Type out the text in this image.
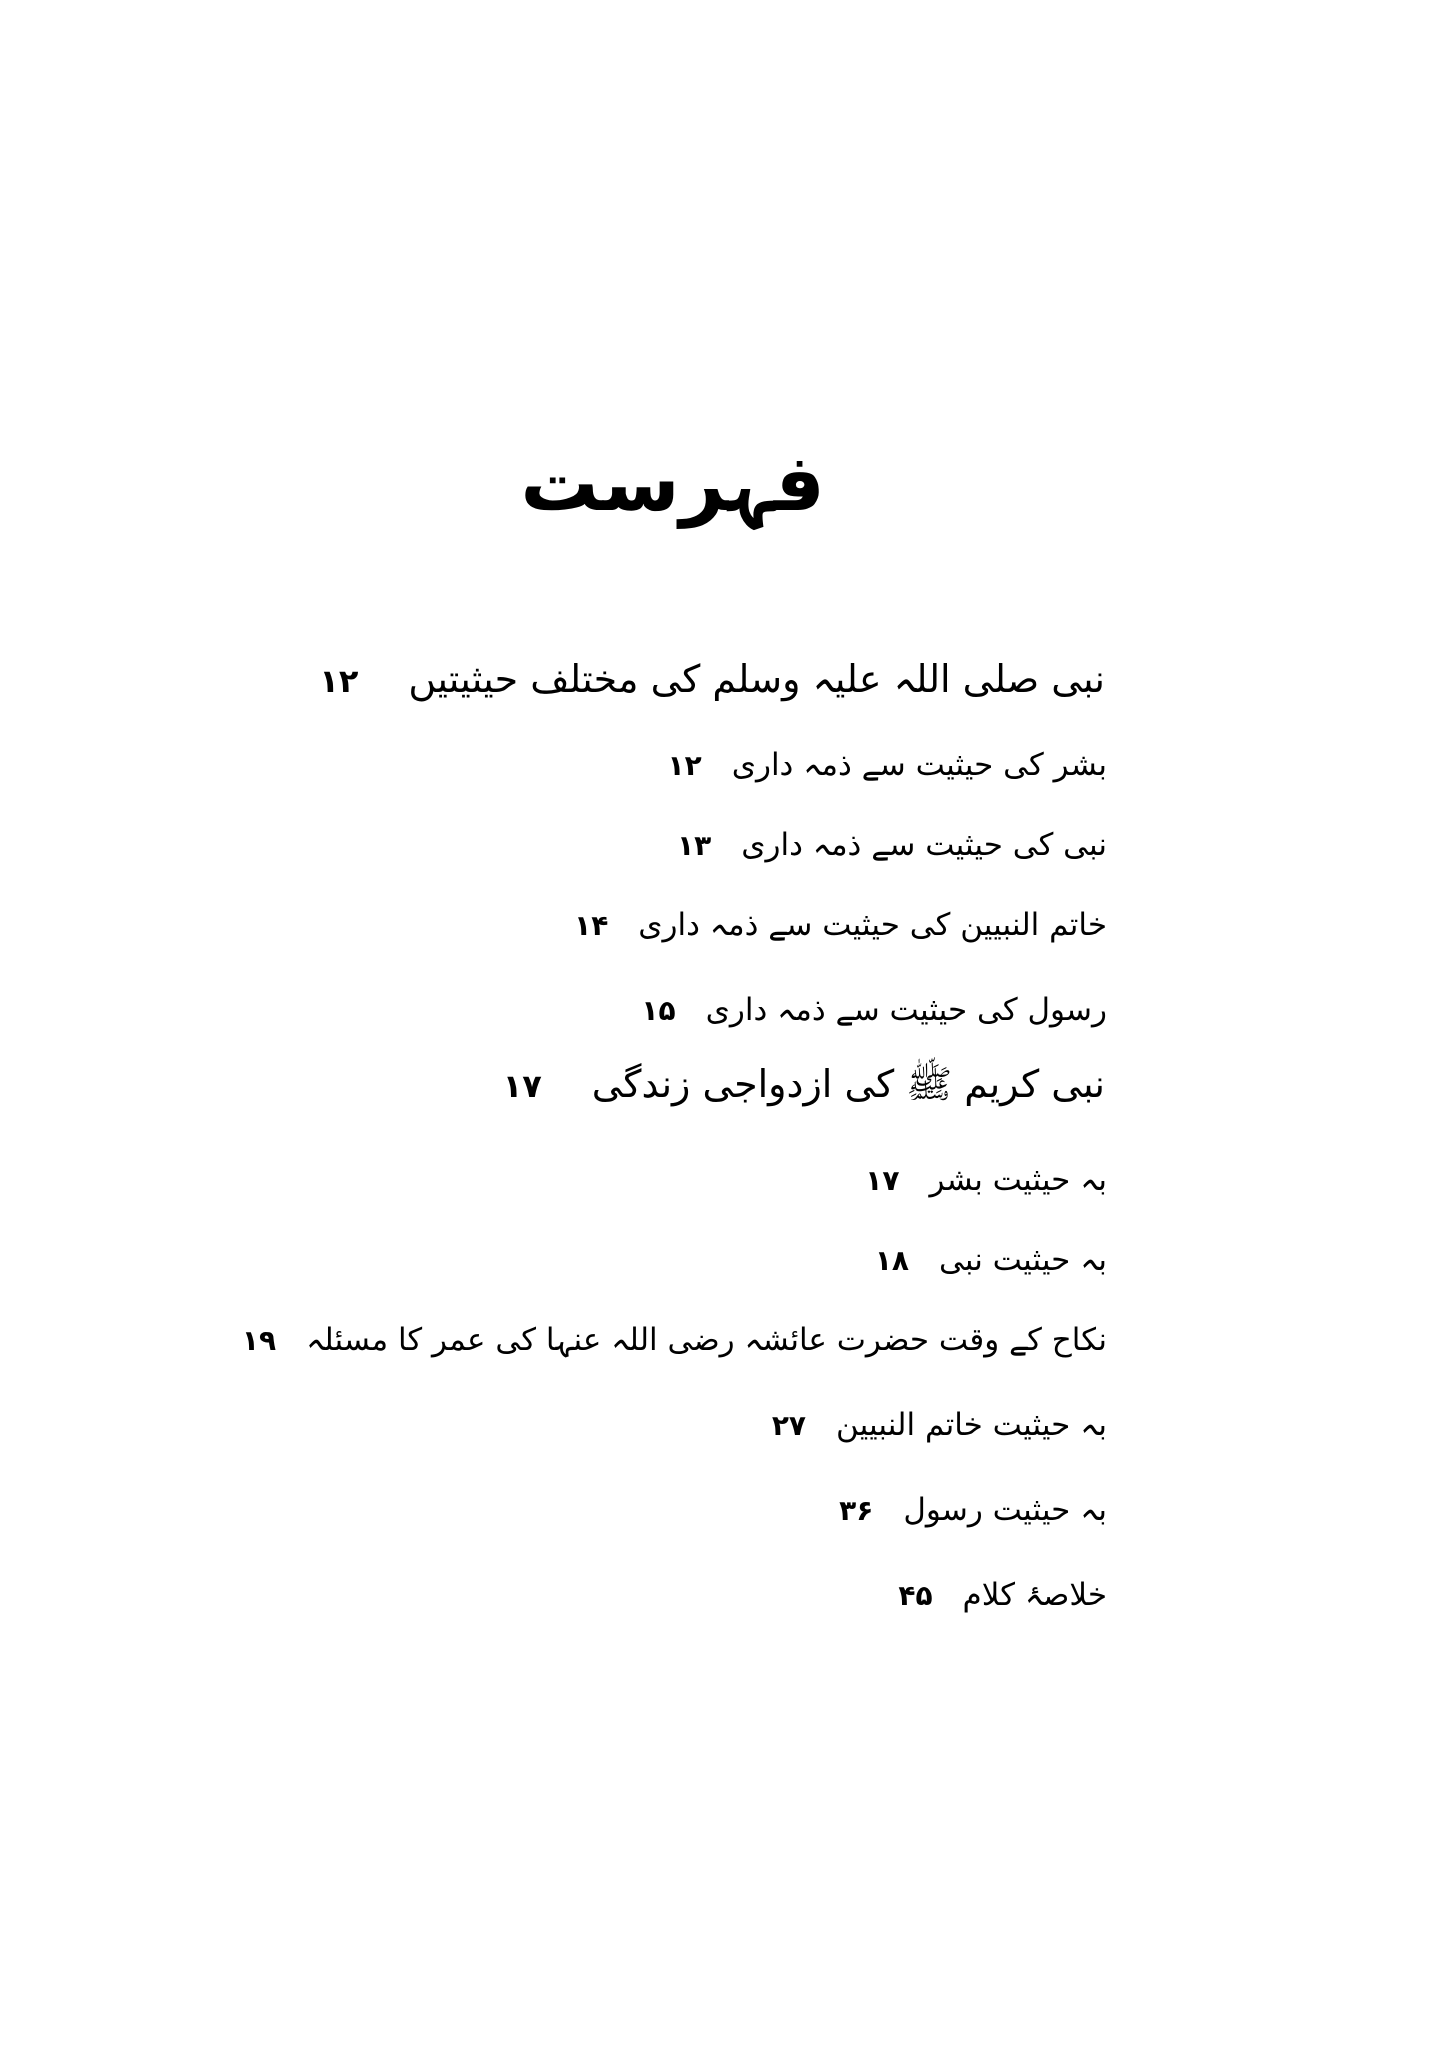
فہرست
نبی صلی اللہ علیہ وسلم کی مختلف حیثیتیں
۱۲
بشر کی حیثیت سے ذمہ داری
۱۲
نبی کی حیثیت سے ذمہ داری
۱۳
خاتم النبیین کی حیثیت سے ذمہ داری
۱۴
رسول کی حیثیت سے ذمہ داری
۱۵
نبی کریم ﷺ کی ازدواجی زندگی
۱۷
بہ حیثیت بشر
۱۷
بہ حیثیت نبی
۱۸
نکاح کے وقت حضرت عائشہ رضی اللہ عنہا کی عمر کا مسئلہ
۱۹
بہ حیثیت خاتم النبیین
۲۷
بہ حیثیت رسول
۳۶
خلاصۂ کلام
۴۵
